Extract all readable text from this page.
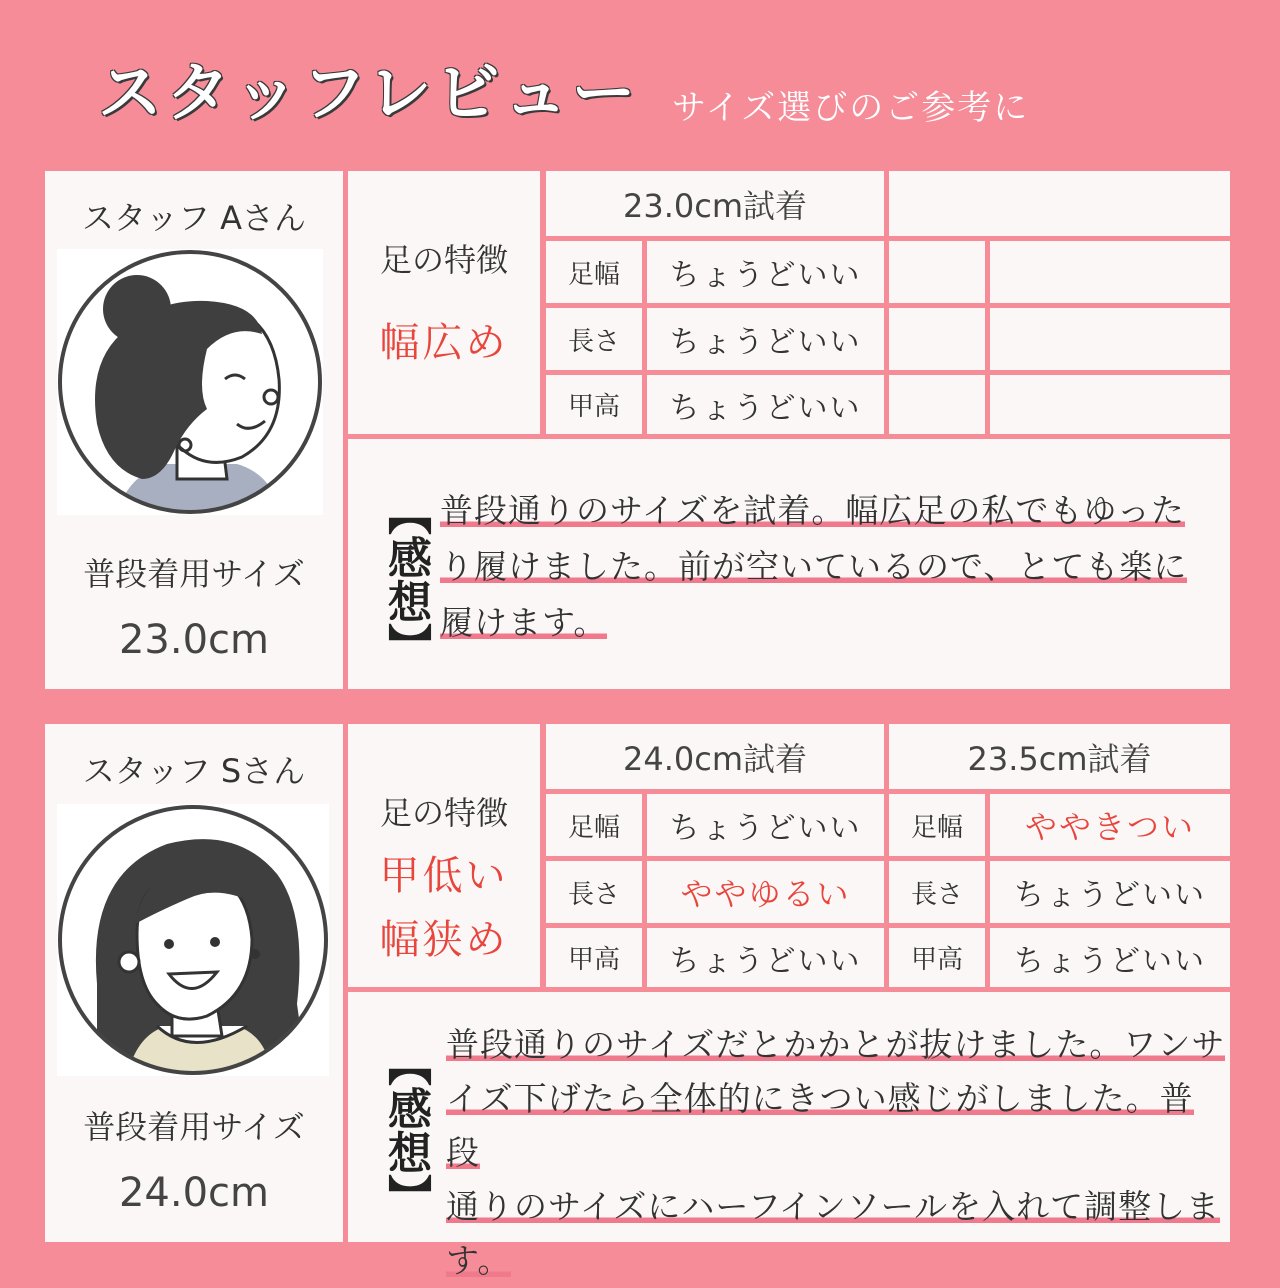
スタッフレビュー サイズ選びのご参考に
スタッフ Aさん
普段着用サイズ
23.0cm
足の特徴
幅広め
23.0cm試着
足幅	ちょうどいい
長さ	ちょうどいい
甲高	ちょうどいい
【感想】 普段通りのサイズを試着。幅広足の私でもゆった
り履けました。前が空いているので、とても楽に
履けます。
スタッフ Sさん
普段着用サイズ
24.0cm
足の特徴
甲低い
幅狭め
24.0cm試着
足幅	ちょうどいい
長さ	ややゆるい
甲高	ちょうどいい
23.5cm試着
足幅	ややきつい
長さ	ちょうどいい
甲高	ちょうどいい
【感想】 普段通りのサイズだとかかとが抜けました。ワンサ
イズ下げたら全体的にきつい感じがしました。普段
通りのサイズにハーフインソールを入れて調整しま
す。
